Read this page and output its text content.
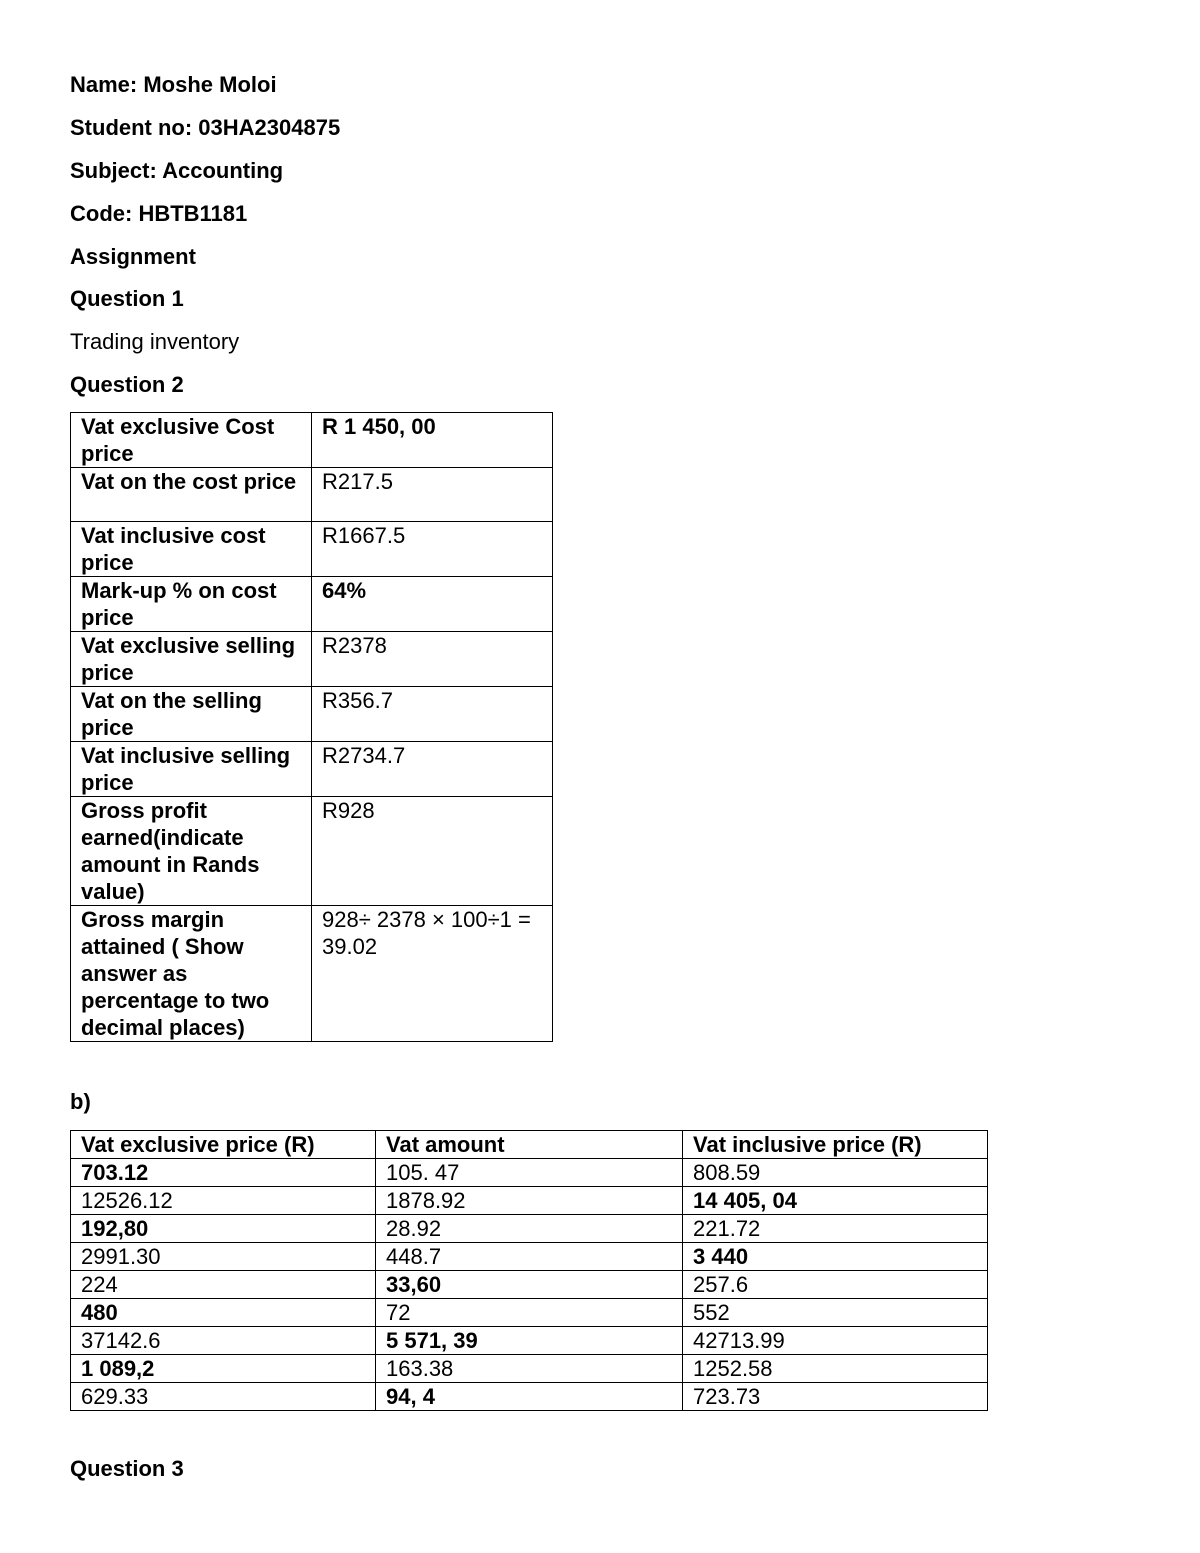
Name: Moshe Moloi
Student no: 03HA2304875
Subject: Accounting
Code: HBTB1181
Assignment
Question 1
Trading inventory
Question 2
Vat exclusive Cost price	R 1 450, 00
Vat on the cost price	R217.5
Vat inclusive cost price	R1667.5
Mark-up % on cost price	64%
Vat exclusive selling price	R2378
Vat on the selling price	R356.7
Vat inclusive selling price	R2734.7
Gross profit earned(indicate amount in Rands value)	R928
Gross margin attained ( Show answer as percentage to two decimal places)	928÷ 2378 × 100÷1 = 39.02
b)
Vat exclusive price (R)	Vat amount	Vat inclusive price (R)
703.12	105. 47	808.59
12526.12	1878.92	14 405, 04
192,80	28.92	221.72
2991.30	448.7	3 440
224	33,60	257.6
480	72	552
37142.6	5 571, 39	42713.99
1 089,2	163.38	1252.58
629.33	94, 4	723.73
Question 3
